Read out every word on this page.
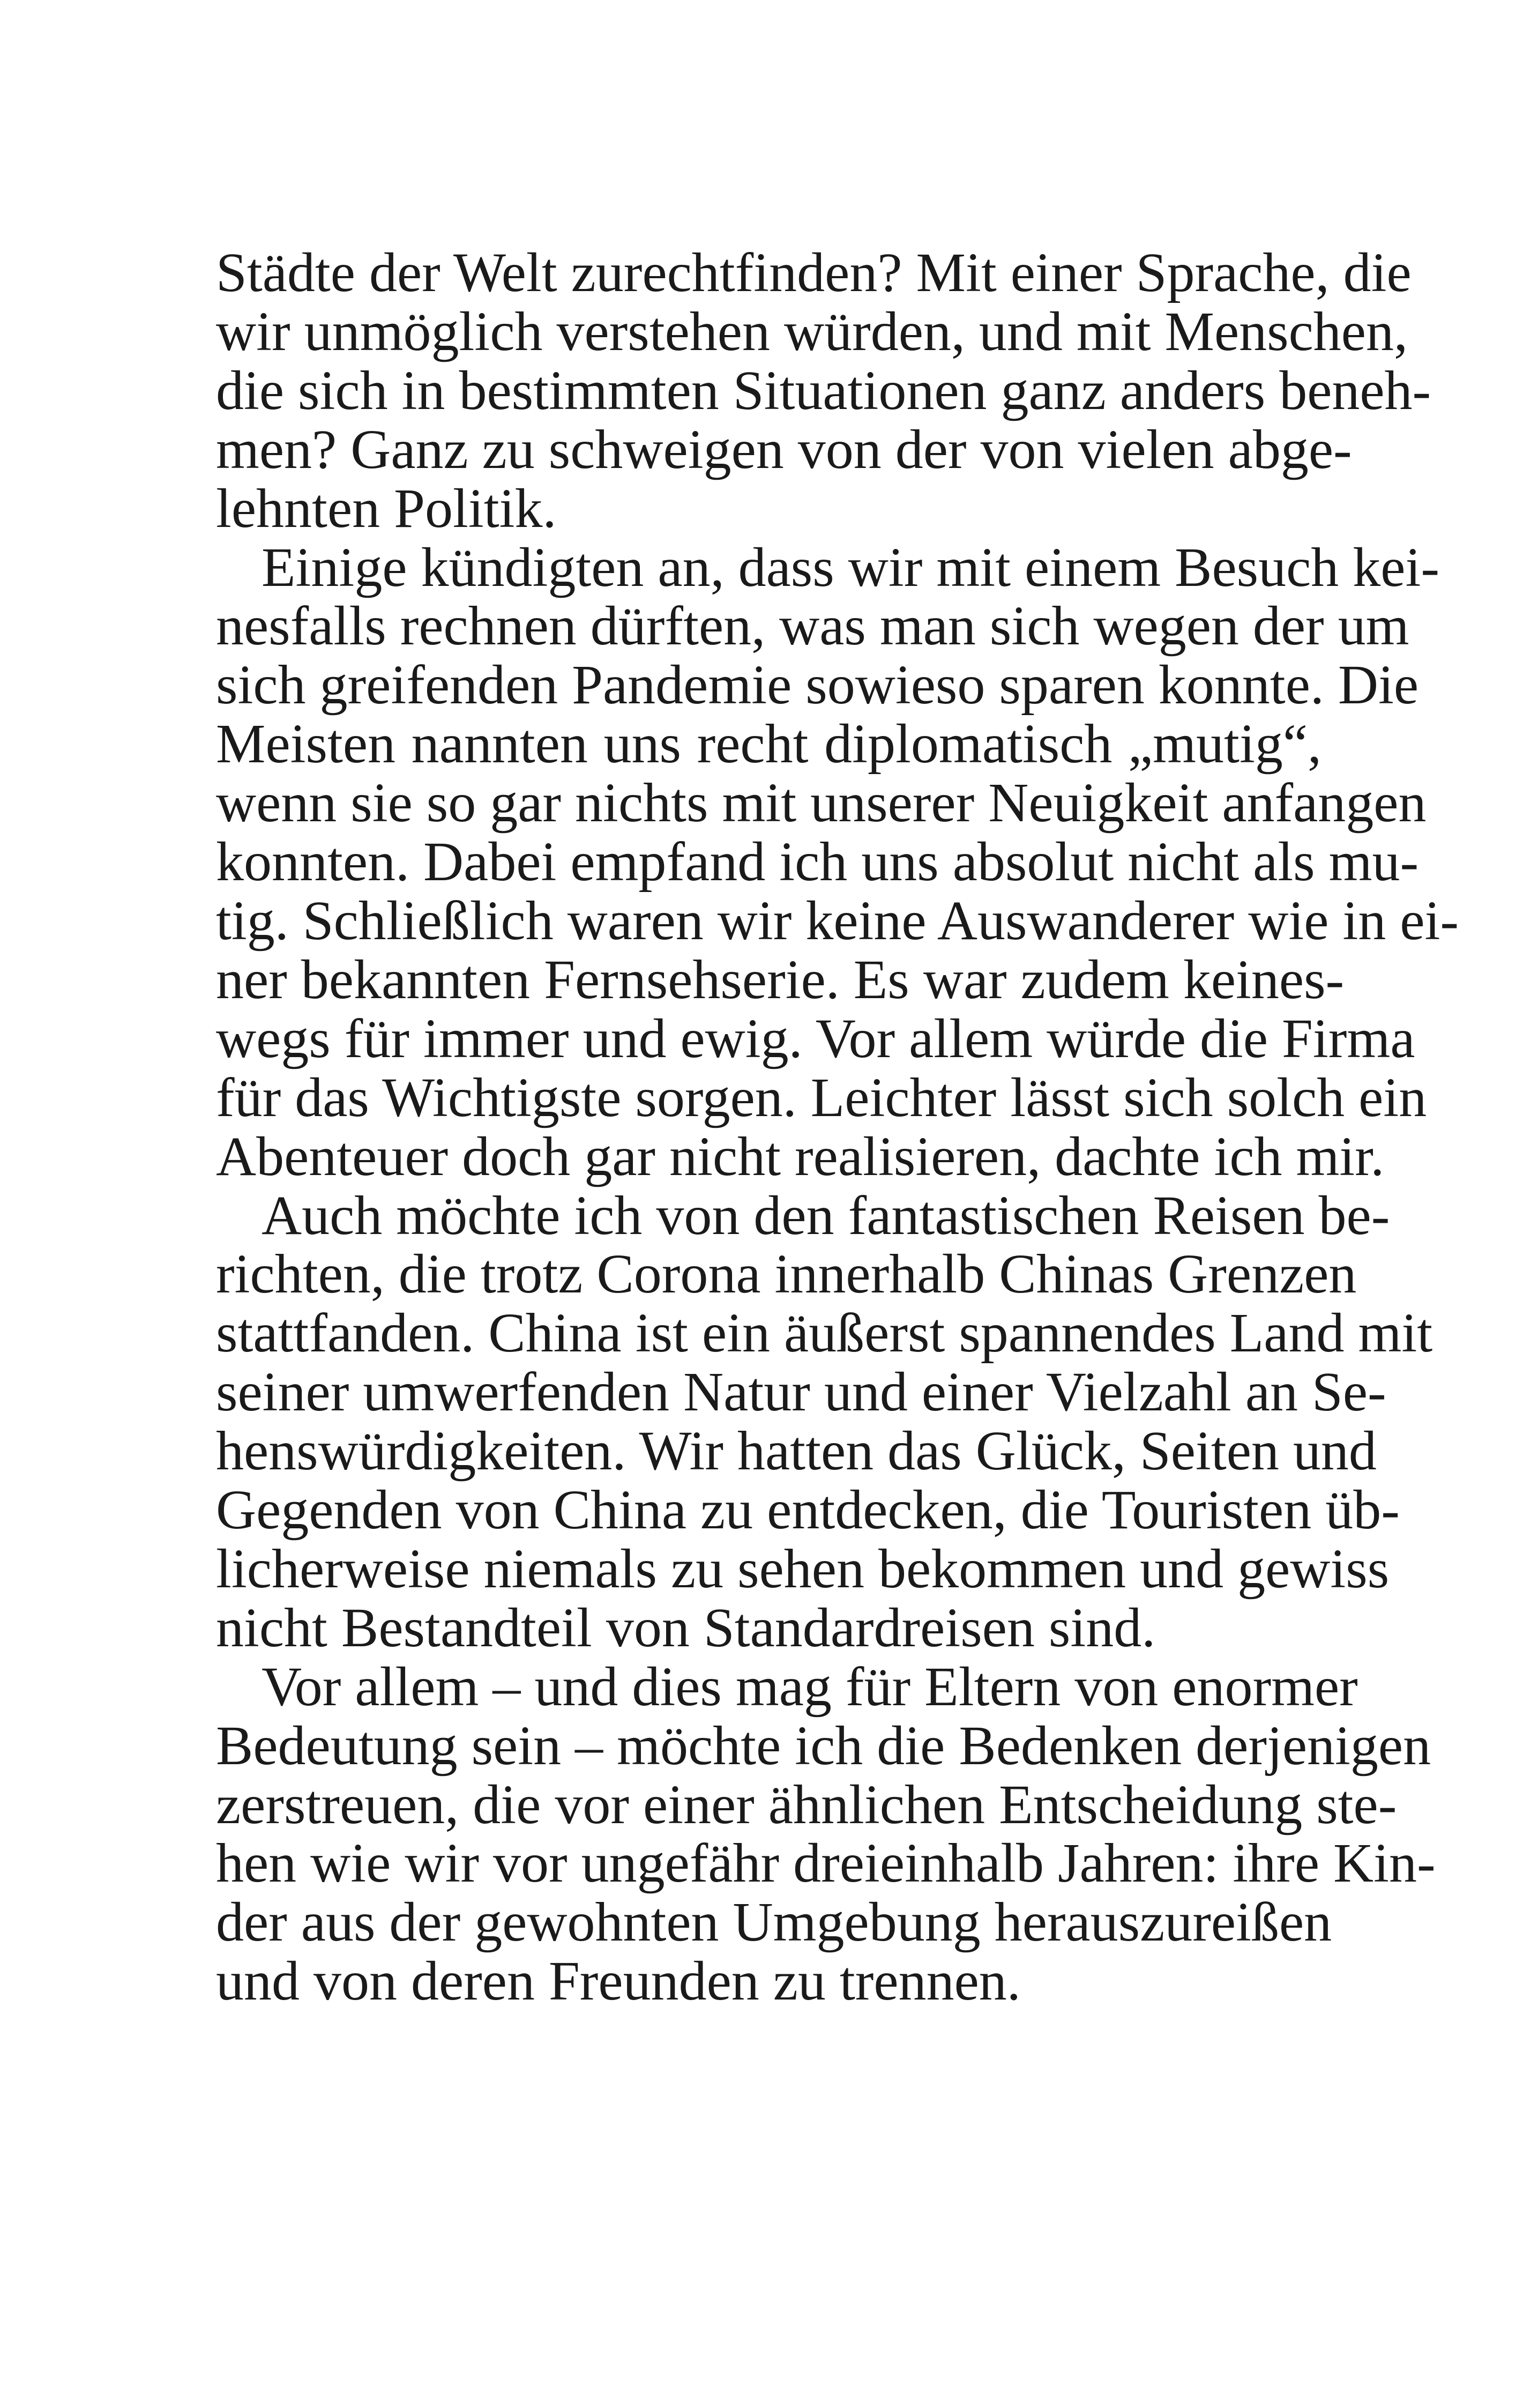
Städte der Welt zurechtfinden? Mit einer Sprache, die
wir unmöglich verstehen würden, und mit Menschen,
die sich in bestimmten Situationen ganz anders beneh-
men? Ganz zu schweigen von der von vielen abge-
lehnten Politik.
Einige kündigten an, dass wir mit einem Besuch kei-
nesfalls rechnen dürften, was man sich wegen der um
sich greifenden Pandemie sowieso sparen konnte. Die
Meisten nannten uns recht diplomatisch „mutig“,
wenn sie so gar nichts mit unserer Neuigkeit anfangen
konnten. Dabei empfand ich uns absolut nicht als mu-
tig. Schließlich waren wir keine Auswanderer wie in ei-
ner bekannten Fernsehserie. Es war zudem keines-
wegs für immer und ewig. Vor allem würde die Firma
für das Wichtigste sorgen. Leichter lässt sich solch ein
Abenteuer doch gar nicht realisieren, dachte ich mir.
Auch möchte ich von den fantastischen Reisen be-
richten, die trotz Corona innerhalb Chinas Grenzen
stattfanden. China ist ein äußerst spannendes Land mit
seiner umwerfenden Natur und einer Vielzahl an Se-
henswürdigkeiten. Wir hatten das Glück, Seiten und
Gegenden von China zu entdecken, die Touristen üb-
licherweise niemals zu sehen bekommen und gewiss
nicht Bestandteil von Standardreisen sind.
Vor allem – und dies mag für Eltern von enormer
Bedeutung sein – möchte ich die Bedenken derjenigen
zerstreuen, die vor einer ähnlichen Entscheidung ste-
hen wie wir vor ungefähr dreieinhalb Jahren: ihre Kin-
der aus der gewohnten Umgebung herauszureißen
und von deren Freunden zu trennen.
